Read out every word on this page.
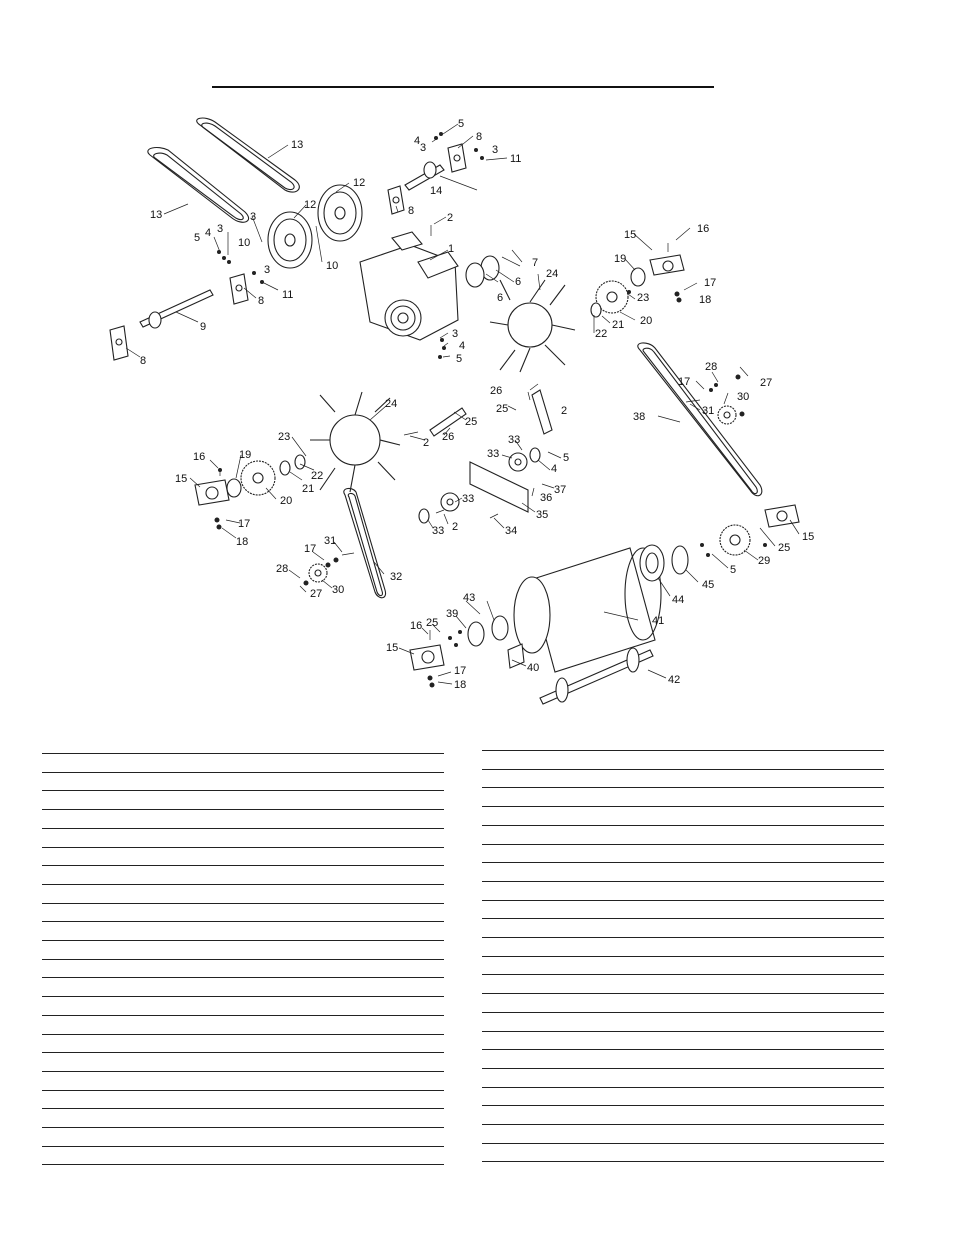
1
2
2
2
2
3
3	3
3
3
3
4
4
4
4
5
5
5
5
5
6
6
7
8
8
8
8
9
10
10
11
11
12
12
13
13
14
15
15
15
15
16
16
16
17
17
17
17
17
18
18
18
19
19
20
20
21
21
22
22
23
23
24
24	25
25
25
25
26
26
27
27
28
28
29
30
30
31
31
32
33
33
33
33	34
35
36
37
38
39
40
41
42
43	44
45
